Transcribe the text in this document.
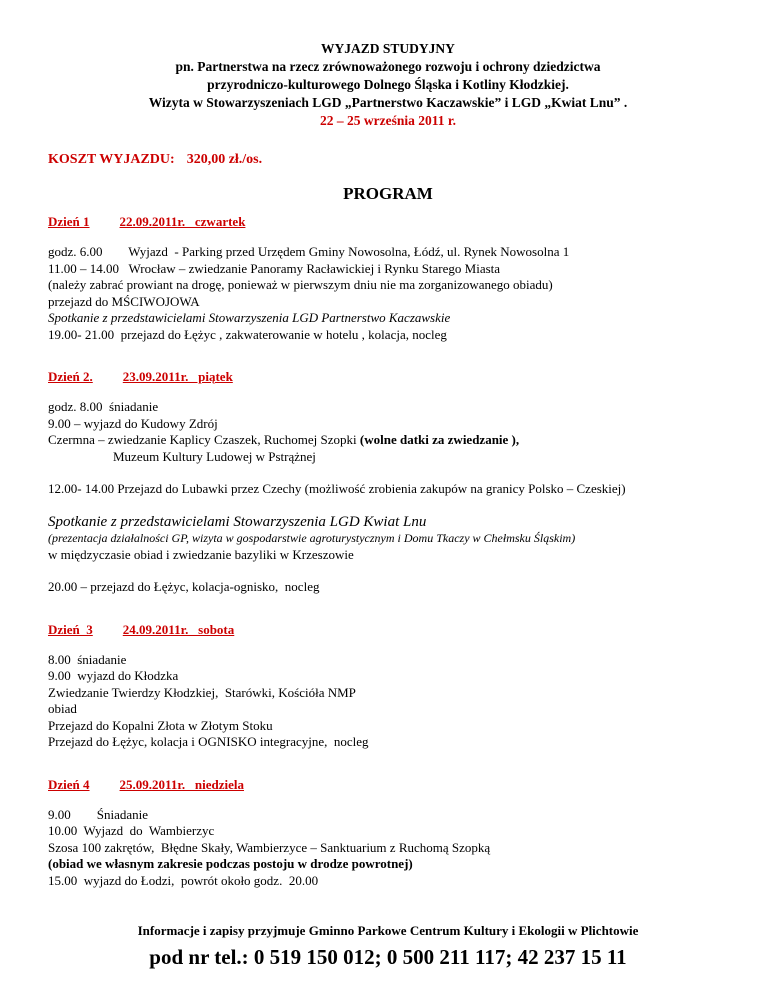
WYJAZD STUDYJNY
pn. Partnerstwa na rzecz zrównoważonego rozwoju i ochrony dziedzictwa
przyrodniczo-kulturowego Dolnego Śląska i Kotliny Kłodzkiej.
Wizyta w Stowarzyszeniach LGD „Partnerstwo Kaczawskie” i LGD „Kwiat Lnu” .
22 – 25 września 2011 r.
KOSZT WYJAZDU: 320,00 zł./os.
PROGRAM
Dzień 1 22.09.2011r.   czwartek
godz. 6.00        Wyjazd  - Parking przed Urzędem Gminy Nowosolna, Łódź, ul. Rynek Nowosolna 1
11.00 – 14.00   Wrocław – zwiedzanie Panoramy Racławickiej i Rynku Starego Miasta
(należy zabrać prowiant na drogę, ponieważ w pierwszym dniu nie ma zorganizowanego obiadu)
przejazd do MŚCIWOJOWA
Spotkanie z przedstawicielami Stowarzyszenia LGD Partnerstwo Kaczawskie
19.00- 21.00  przejazd do Łężyc , zakwaterowanie w hotelu , kolacja, nocleg
Dzień 2. 23.09.2011r.   piątek
godz. 8.00  śniadanie
9.00 – wyjazd do Kudowy Zdrój
Czermna – zwiedzanie Kaplicy Czaszek, Ruchomej Szopki (wolne datki za zwiedzanie ),
Muzeum Kultury Ludowej w Pstrążnej
12.00- 14.00 Przejazd do Lubawki przez Czechy (możliwość zrobienia zakupów na granicy Polsko – Czeskiej)
Spotkanie z przedstawicielami Stowarzyszenia LGD Kwiat Lnu
(prezentacja działalności GP, wizyta w gospodarstwie agroturystycznym i Domu Tkaczy w Chełmsku Śląskim)
w międzyczasie obiad i zwiedzanie bazyliki w Krzeszowie
20.00 – przejazd do Łężyc, kolacja-ognisko,  nocleg
Dzień  3 24.09.2011r.   sobota
8.00  śniadanie
9.00  wyjazd do Kłodzka
Zwiedzanie Twierdzy Kłodzkiej,  Starówki, Kościóła NMP
obiad
Przejazd do Kopalni Złota w Złotym Stoku
Przejazd do Łężyc, kolacja i OGNISKO integracyjne,  nocleg
Dzień 4 25.09.2011r.   niedziela
9.00        Śniadanie
10.00  Wyjazd  do  Wambierzyc
Szosa 100 zakrętów,  Błędne Skały, Wambierzyce – Sanktuarium z Ruchomą Szopką
(obiad we własnym zakresie podczas postoju w drodze powrotnej)
15.00  wyjazd do Łodzi,  powrót około godz.  20.00
Informacje i zapisy przyjmuje Gminno Parkowe Centrum Kultury i Ekologii w Plichtowie
pod nr tel.: 0 519 150 012; 0 500 211 117; 42 237 15 11
